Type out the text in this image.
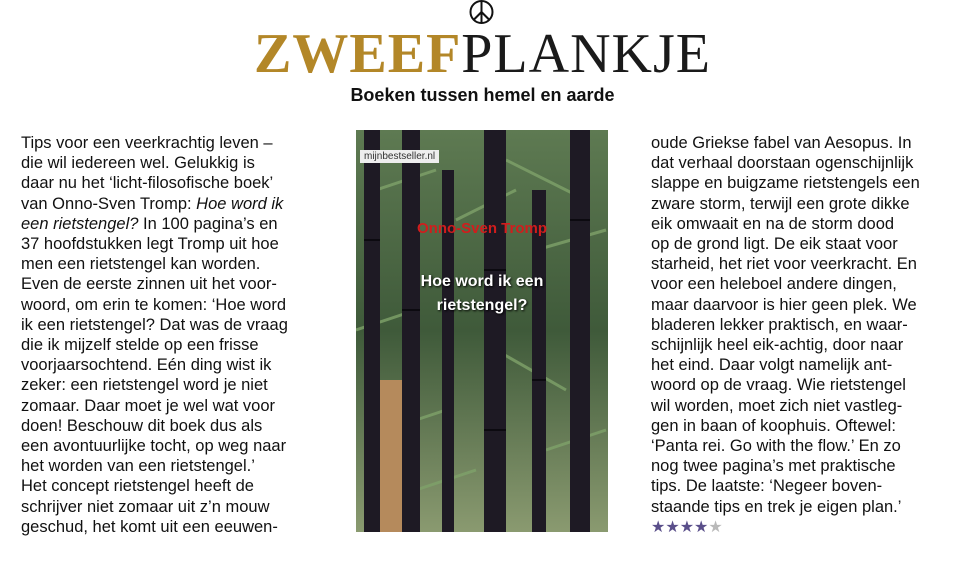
ZWEEFPLANKJE
Boeken tussen hemel en aarde
Tips voor een veerkrachtig leven –
die wil iedereen wel. Gelukkig is
daar nu het ‘licht-filosofische boek’
van Onno-Sven Tromp: Hoe word ik
een rietstengel? In 100 pagina’s en
37 hoofdstukken legt Tromp uit hoe
men een rietstengel kan worden.
Even de eerste zinnen uit het voor-
woord, om erin te komen: ‘Hoe word
ik een rietstengel? Dat was de vraag
die ik mijzelf stelde op een frisse
voorjaarsochtend. Eén ding wist ik
zeker: een rietstengel word je niet
zomaar. Daar moet je wel wat voor
doen! Beschouw dit boek dus als
een avontuurlijke tocht, op weg naar
het worden van een rietstengel.’
Het concept rietstengel heeft de
schrijver niet zomaar uit z’n mouw
geschud, het komt uit een eeuwen-
mijnbestseller.nl
Onno-Sven Tromp
Hoe word ik een
rietstengel?
oude Griekse fabel van Aesopus. In
dat verhaal doorstaan ogenschijnlijk
slappe en buigzame rietstengels een
zware storm, terwijl een grote dikke
eik omwaait en na de storm dood
op de grond ligt. De eik staat voor
starheid, het riet voor veerkracht. En
voor een heleboel andere dingen,
maar daarvoor is hier geen plek. We
bladeren lekker praktisch, en waar-
schijnlijk heel eik-achtig, door naar
het eind. Daar volgt namelijk ant-
woord op de vraag. Wie rietstengel
wil worden, moet zich niet vastleg-
gen in baan of koophuis. Oftewel:
‘Panta rei. Go with the flow.’ En zo
nog twee pagina’s met praktische
tips. De laatste: ‘Negeer boven-
staande tips en trek je eigen plan.’
★★★★★
